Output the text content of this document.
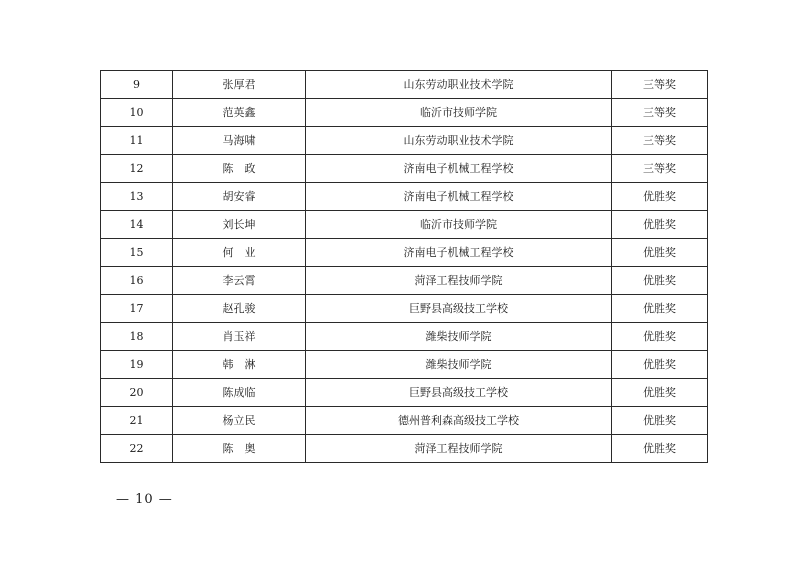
9	张厚君	山东劳动职业技术学院	三等奖
10	范英鑫	临沂市技师学院	三等奖
11	马海啸	山东劳动职业技术学院	三等奖
12	陈　政	济南电子机械工程学校	三等奖
13	胡安睿	济南电子机械工程学校	优胜奖
14	刘长坤	临沂市技师学院	优胜奖
15	何　业	济南电子机械工程学校	优胜奖
16	李云霄	菏泽工程技师学院	优胜奖
17	赵孔骏	巨野县高级技工学校	优胜奖
18	肖玉祥	潍柴技师学院	优胜奖
19	韩　淋	潍柴技师学院	优胜奖
20	陈成临	巨野县高级技工学校	优胜奖
21	杨立民	德州普利森高级技工学校	优胜奖
22	陈　奥	菏泽工程技师学院	优胜奖
— 10 —
